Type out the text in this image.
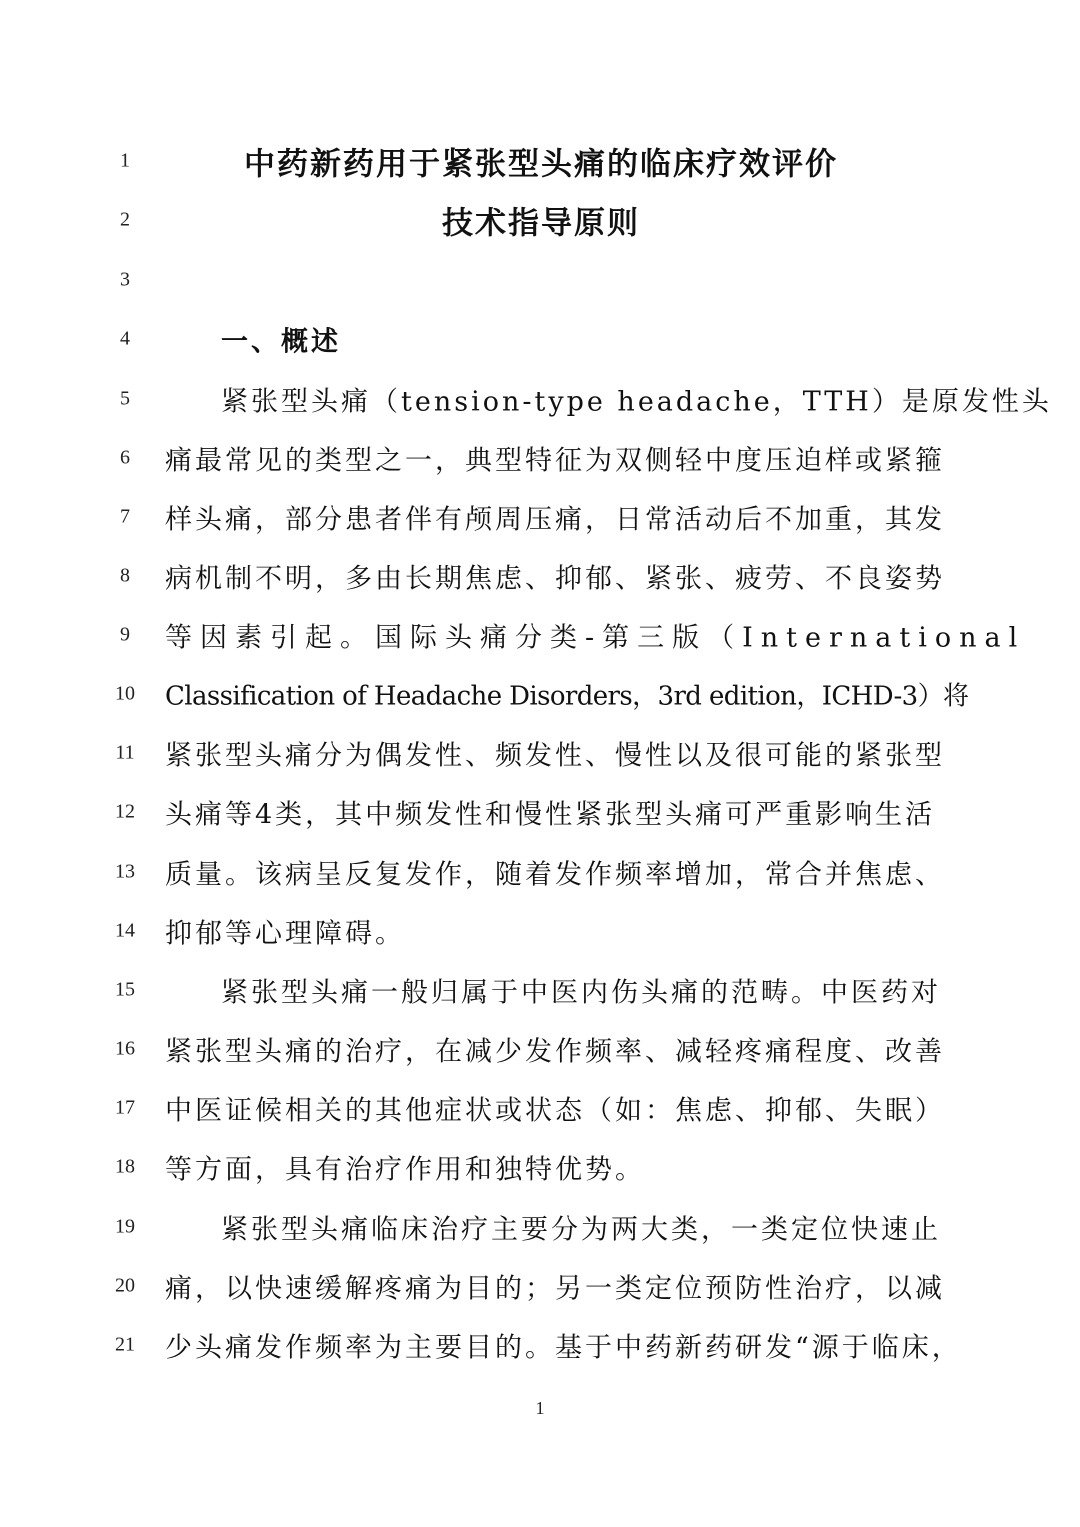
1	中药新药用于紧张型头痛的临床疗效评价
2	技术指导原则
3
4	一、概述
5	紧张型头痛（tension-type headache，TTH）是原发性头
6	痛最常见的类型之一，典型特征为双侧轻中度压迫样或紧箍
7	样头痛，部分患者伴有颅周压痛，日常活动后不加重，其发
8	病机制不明，多由长期焦虑、抑郁、紧张、疲劳、不良姿势
9	等因素引起。国际头痛分类-第三版（International
10	Classification of Headache Disorders，3rd edition，ICHD-3）将
11	紧张型头痛分为偶发性、频发性、慢性以及很可能的紧张型
12	头痛等4类，其中频发性和慢性紧张型头痛可严重影响生活
13	质量。该病呈反复发作，随着发作频率增加，常合并焦虑、
14	抑郁等心理障碍。
15	紧张型头痛一般归属于中医内伤头痛的范畴。中医药对
16	紧张型头痛的治疗，在减少发作频率、减轻疼痛程度、改善
17	中医证候相关的其他症状或状态（如：焦虑、抑郁、失眠）
18	等方面，具有治疗作用和独特优势。
19	紧张型头痛临床治疗主要分为两大类，一类定位快速止
20	痛，以快速缓解疼痛为目的；另一类定位预防性治疗，以减
21	少头痛发作频率为主要目的。基于中药新药研发“源于临床，
1
